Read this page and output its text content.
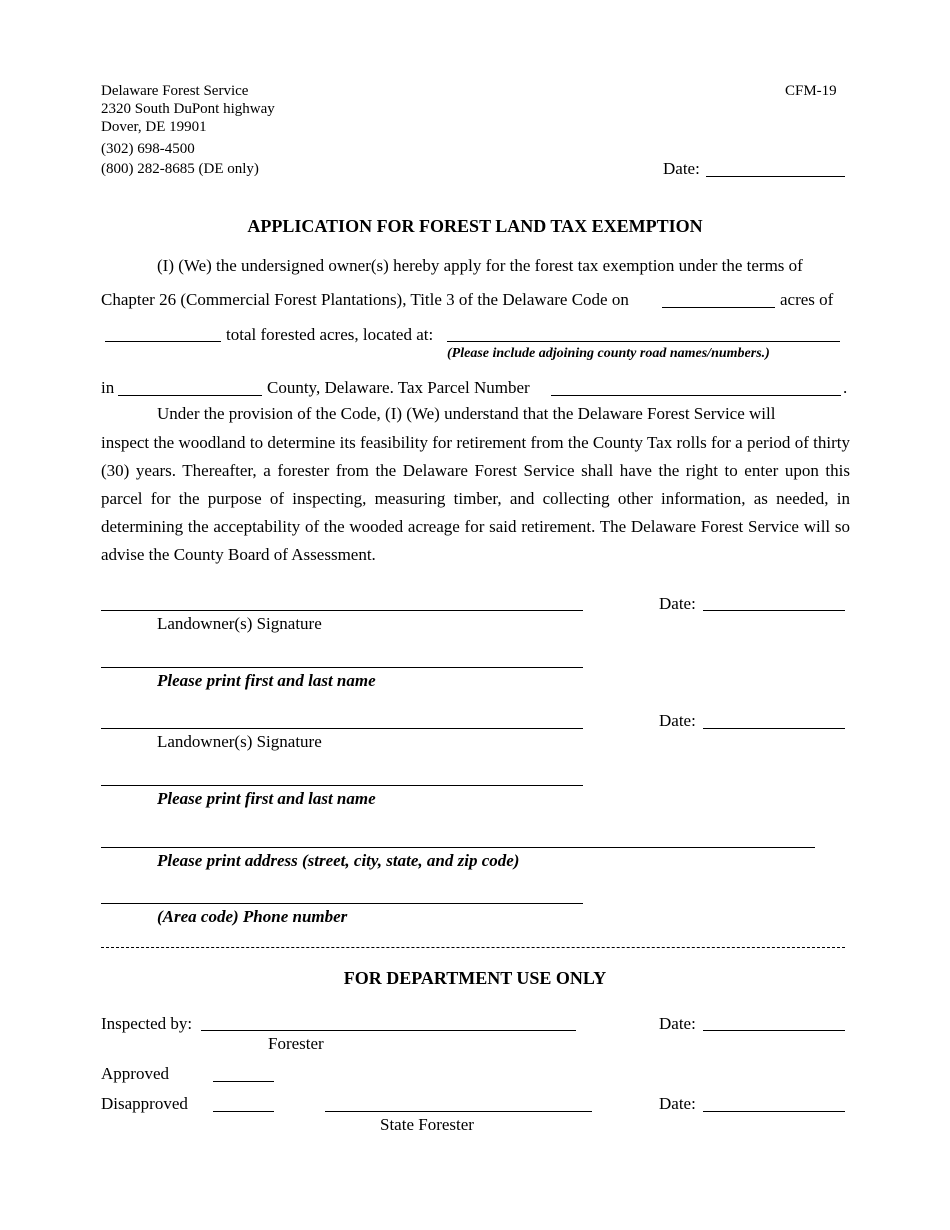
Delaware Forest Service
2320 South DuPont highway
Dover, DE 19901
(302) 698-4500
(800) 282-8685 (DE only)
CFM-19
Date:
APPLICATION FOR FOREST LAND TAX EXEMPTION
(I) (We) the undersigned owner(s) hereby apply for the forest tax exemption under the terms of
Chapter 26 (Commercial Forest Plantations), Title 3 of the Delaware Code on	acres of
total forested acres, located at:
(Please include adjoining county road names/numbers.)
in	County, Delaware. Tax Parcel Number	.
Under the provision of the Code, (I) (We) understand that the Delaware Forest Service will
inspect the woodland to determine its feasibility for retirement from the County Tax rolls for a period of thirty (30) years. Thereafter, a forester from the Delaware Forest Service shall have the right to enter upon this parcel for the purpose of inspecting, measuring timber, and collecting other information, as needed, in determining the acceptability of the wooded acreage for said retirement. The Delaware Forest Service will so advise the County Board of Assessment.
Date:
Landowner(s) Signature
Please print first and last name
Date:
Landowner(s) Signature
Please print first and last name
Please print address (street, city, state, and zip code)
(Area code) Phone number
FOR DEPARTMENT USE ONLY
Inspected by:	Date:
Forester
Approved
Disapproved	Date:
State Forester
